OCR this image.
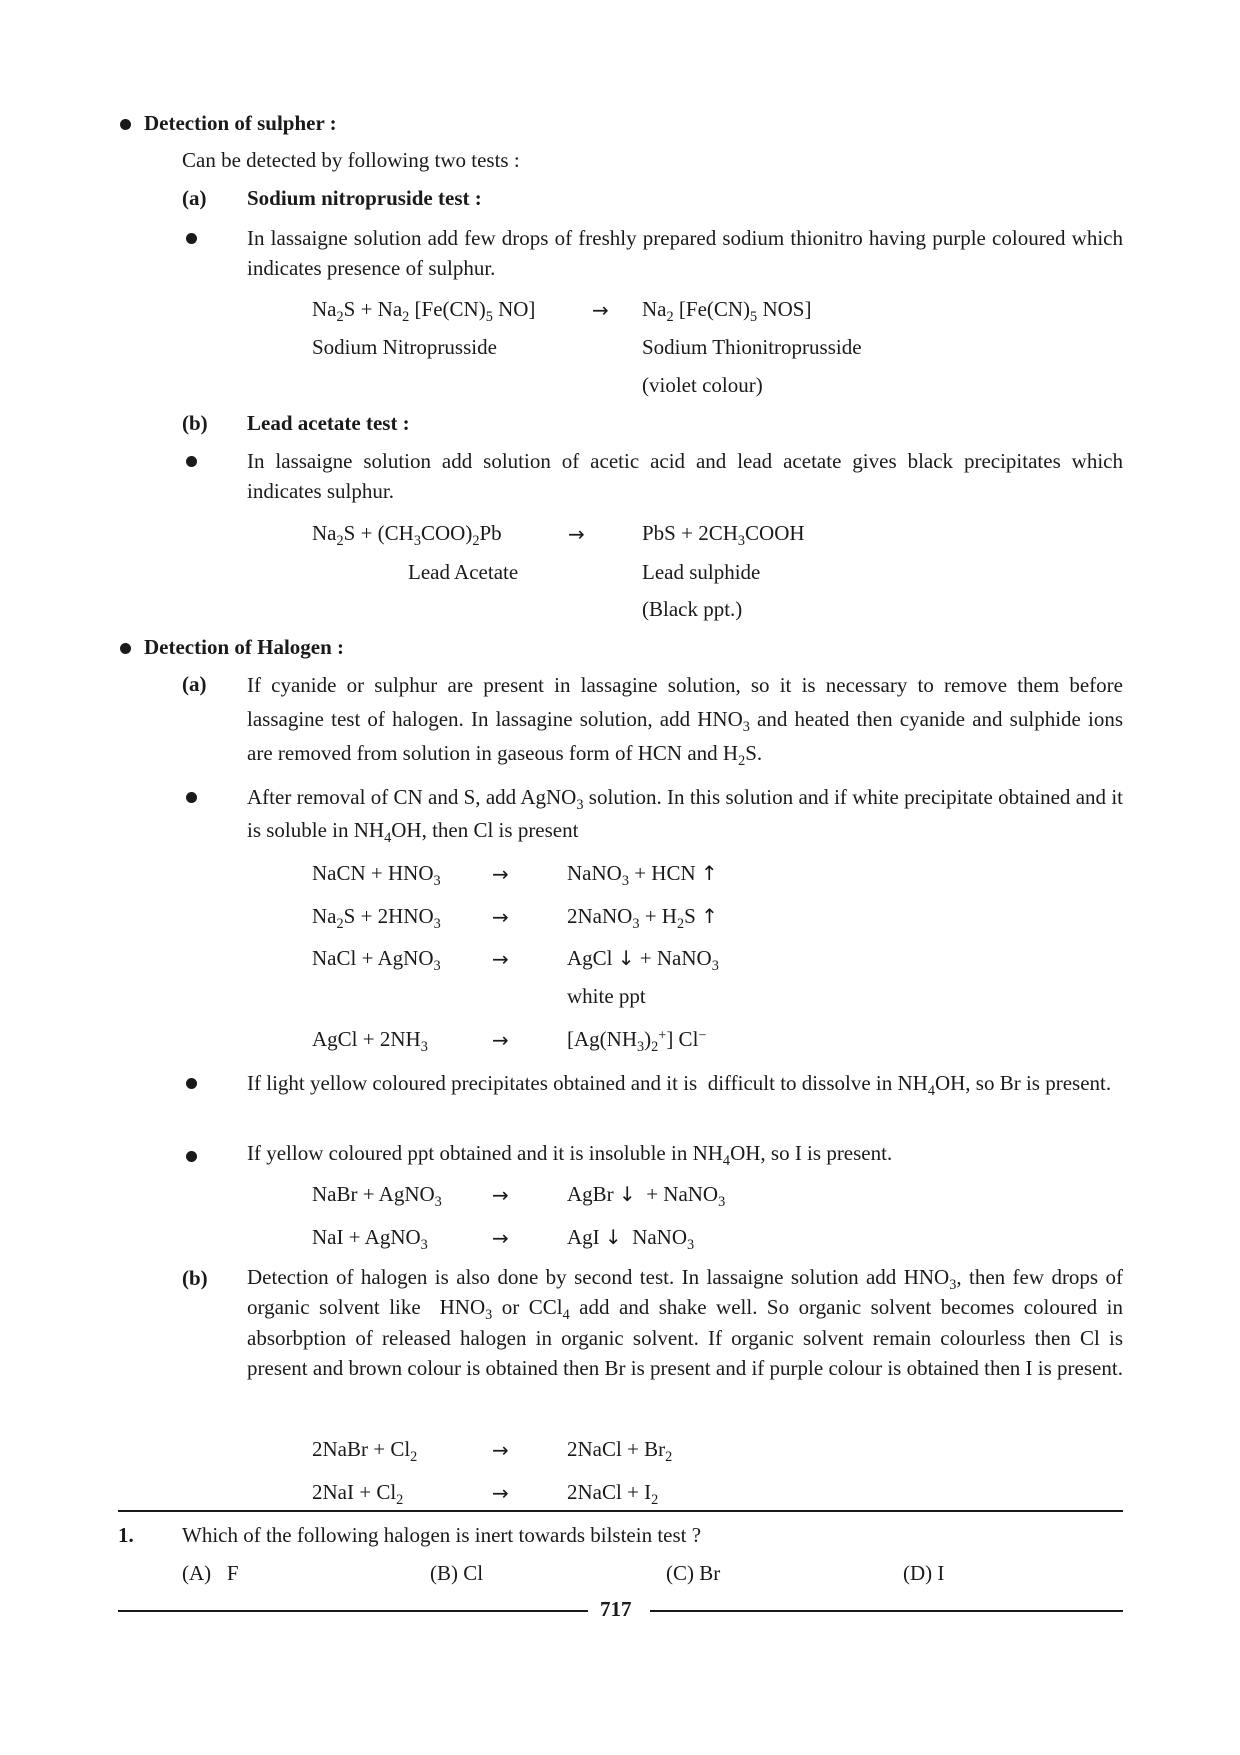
Detection of sulpher :
Can be detected by following two tests :
(a) Sodium nitropruside test :
In lassaigne solution add few drops of freshly prepared sodium thionitro having purple coloured which indicates presence of sulphur.
$Na_2S + Na_2$ [$Fe(CN)_5$ NO]	→ $Na_2$ [$Fe(CN)_5$ NOS]
Sodium Nitroprusside	Sodium Thionitroprusside
(violet colour)
(b) Lead acetate test :
In lassaigne solution add solution of acetic acid and lead acetate gives black precipitates which indicates sulphur.
$Na_2S + (CH_3COO)_2Pb$	→	PbS + $2CH_3COOH$
Lead Acetate	Lead sulphide
(Black ppt.)
Detection of Halogen :
(a) If cyanide or sulphur are present in lassagine solution, so it is necessary to remove them before lassagine test of halogen. In lassagine solution, add $HNO_3$ and heated then cyanide and sulphide ions are removed from solution in gaseous form of HCN and $H_2S$.
After removal of CN and S, add AgNO$_3$ solution. In this solution and if white precipitate obtained and it is soluble in $NH_4OH$, then Cl is present
NaCN + $HNO_3$	→	NaNO$_3$ + HCN ↑
$Na_2S + 2HNO_3$	→	2NaNO$_3$ + $H_2S$ ↑
NaCl + AgNO$_3$	→	AgCl ↓ + NaNO$_3$
white ppt
AgCl + $2NH_3$	→	$[Ag(NH_3)_2^+]$ Cl−
If light yellow coloured precipitates obtained and it is  difficult to dissolve in $NH_4OH$, so Br is present.
If yellow coloured ppt obtained and it is insoluble in $NH_4OH$, so I is present.
NaBr + AgNO$_3$	→	AgBr ↓  + NaNO$_3$
NaI + AgNO$_3$	→	AgI ↓  NaNO$_3$
(b) Detection of halogen is also done by second test. In lassaigne solution add $HNO_3$, then few drops of organic solvent like  $HNO_3$ or CCl$_4$ add and shake well. So organic solvent becomes coloured in absorbption of released halogen in organic solvent. If organic solvent remain colourless then Cl is present and brown colour is obtained then Br is present and if purple colour is obtained then I is present.
2NaBr + $Cl_2$	→	2NaCl + $Br_2$
$2NaI + Cl_2$	→	2NaCl + $I_2$
1. Which of the following halogen is inert towards bilstein test ?
(A)   F	(B) Cl	(C) Br	(D) I
717
